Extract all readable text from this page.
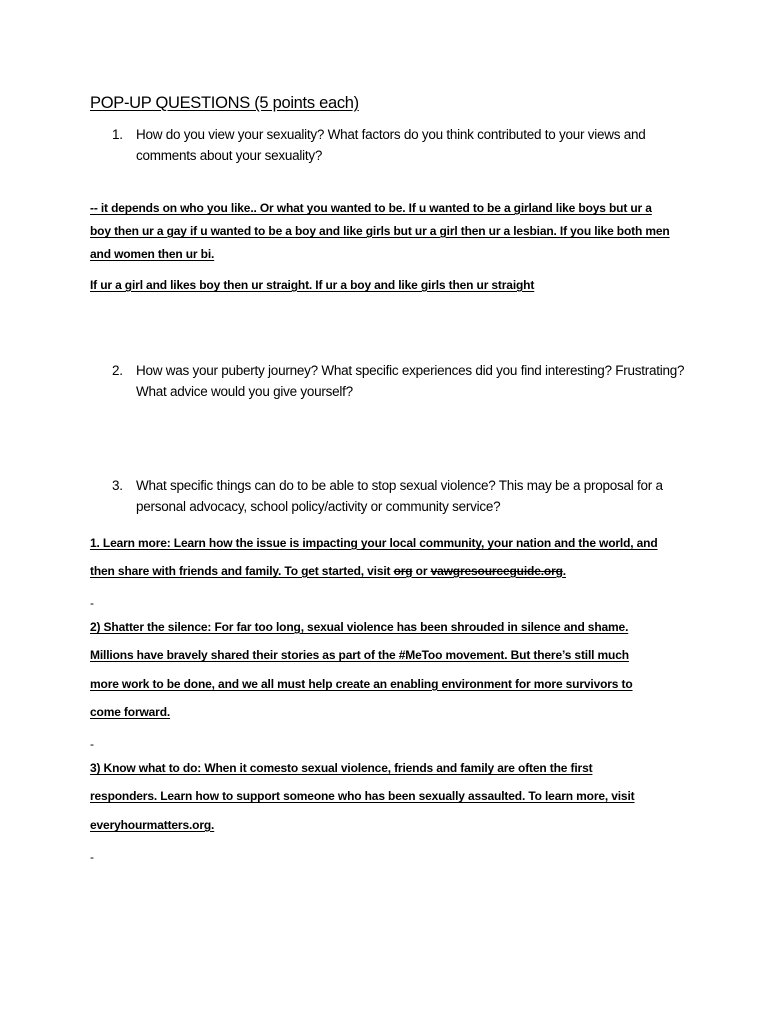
POP-UP QUESTIONS (5 points each)
1. How do you view your sexuality? What factors do you think contributed to your views and
comments about your sexuality?
-- it depends on who you like.. Or what you wanted to be. If u wanted to be a girland like boys but ur a
boy then ur a gay if u wanted to be a boy and like girls but ur a girl then ur a lesbian. If you like both men
and women then ur bi.
If ur a girl and likes boy then ur straight. If ur a boy and like girls then ur straight
2. How was your puberty journey? What specific experiences did you find interesting? Frustrating?
What advice would you give yourself?
3. What specific things can do to be able to stop sexual violence? This may be a proposal for a
personal advocacy, school policy/activity or community service?
1. Learn more: Learn how the issue is impacting your local community, your nation and the world, and
then share with friends and family. To get started, visit org or vawgresourceguide.org.
-
2) Shatter the silence: For far too long, sexual violence has been shrouded in silence and shame.
Millions have bravely shared their stories as part of the #MeToo movement. But there’s still much
more work to be done, and we all must help create an enabling environment for more survivors to
come forward.
-
3) Know what to do: When it comesto sexual violence, friends and family are often the first
responders. Learn how to support someone who has been sexually assaulted. To learn more, visit
everyhourmatters.org.
-
